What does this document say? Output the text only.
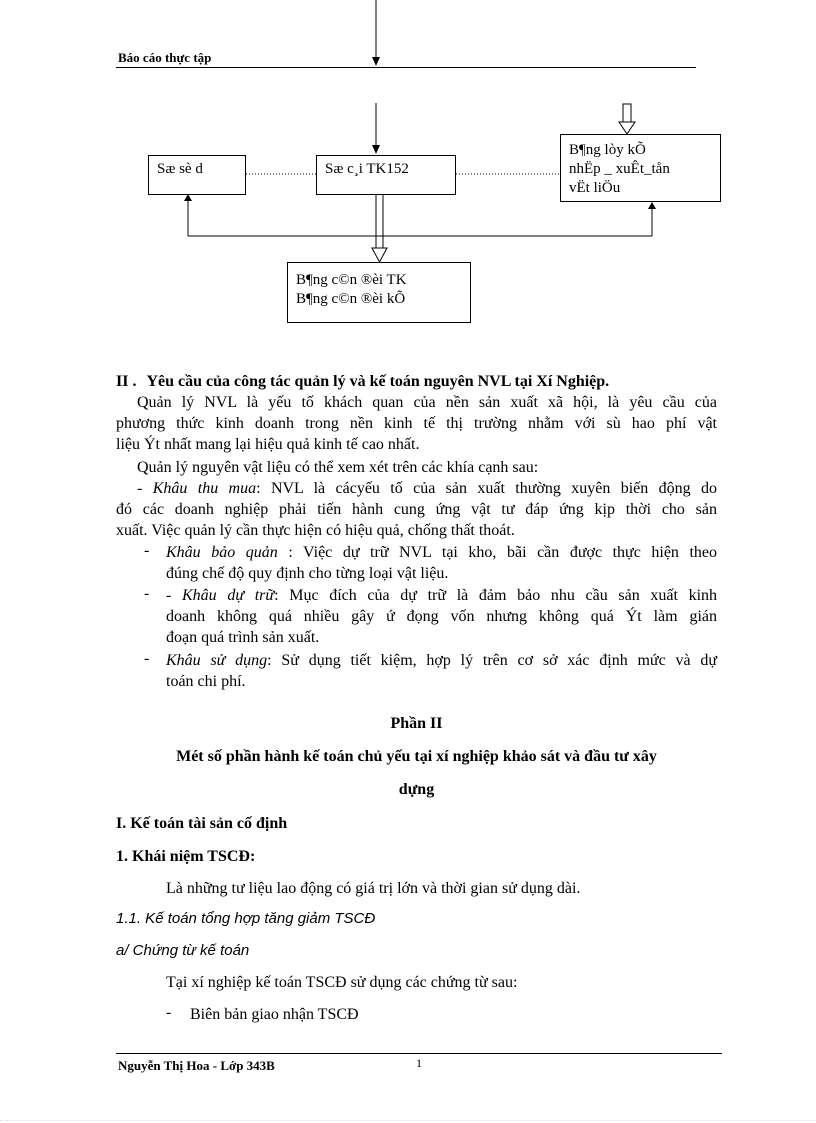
Báo cáo thực tập
Sæ sè d	Sæ c¸i TK152
B¶ng lòy kÕ
nhËp _ xuÊt_tån
vËt liÖu
B¶ng c©n ®èi TK
B¶ng c©n ®èi kÕ
II . Yêu cầu của công tác quản lý và kế toán nguyên NVL tại Xí Nghiệp.
Quản lý NVL là yếu tố khách quan của nền sản xuất xã hội, là yêu cầu của
phương thức kinh doanh trong nền kinh tế thị trường nhằm với sù hao phí vật
liệu Ýt nhất mang lại hiệu quả kinh tế cao nhất.
Quản lý nguyên vật liệu có thể xem xét trên các khía cạnh sau:
- Khâu thu mua: NVL là cácyếu tố của sản xuất thường xuyên biến động do
đó các doanh nghiệp phải tiến hành cung ứng vật tư đáp ứng kịp thời cho sản
xuất. Việc quản lý cần thực hiện có hiệu quả, chống thất thoát.
- Khâu bảo quản : Việc dự trữ NVL tại kho, bãi cần được thực hiện theo
đúng chế độ quy định cho từng loại vật liệu.
- - Khâu dự trữ: Mục đích của dự trữ là đảm bảo nhu cầu sản xuất kinh
doanh không quá nhiều gây ứ đọng vốn nhưng không quá Ýt làm gián
đoạn quá trình sản xuất.
- Khâu sử dụng: Sử dụng tiết kiệm, hợp lý trên cơ sở xác định mức và dự
toán chi phí.
Phần II
Mét số phần hành kế toán chủ yếu tại xí nghiệp khảo sát và đầu tư xây
dựng
I. Kế toán tài sản cố định
1. Khái niệm TSCĐ:
Là những tư liệu lao động có giá trị lớn và thời gian sử dụng dài.
1.1. Kế toán tổng hợp tăng giảm TSCĐ
a/ Chứng từ kế toán
Tại xí nghiệp kế toán TSCĐ sử dụng các chứng từ sau:
- Biên bản giao nhận TSCĐ
Nguyễn Thị Hoa - Lớp 343B	1
